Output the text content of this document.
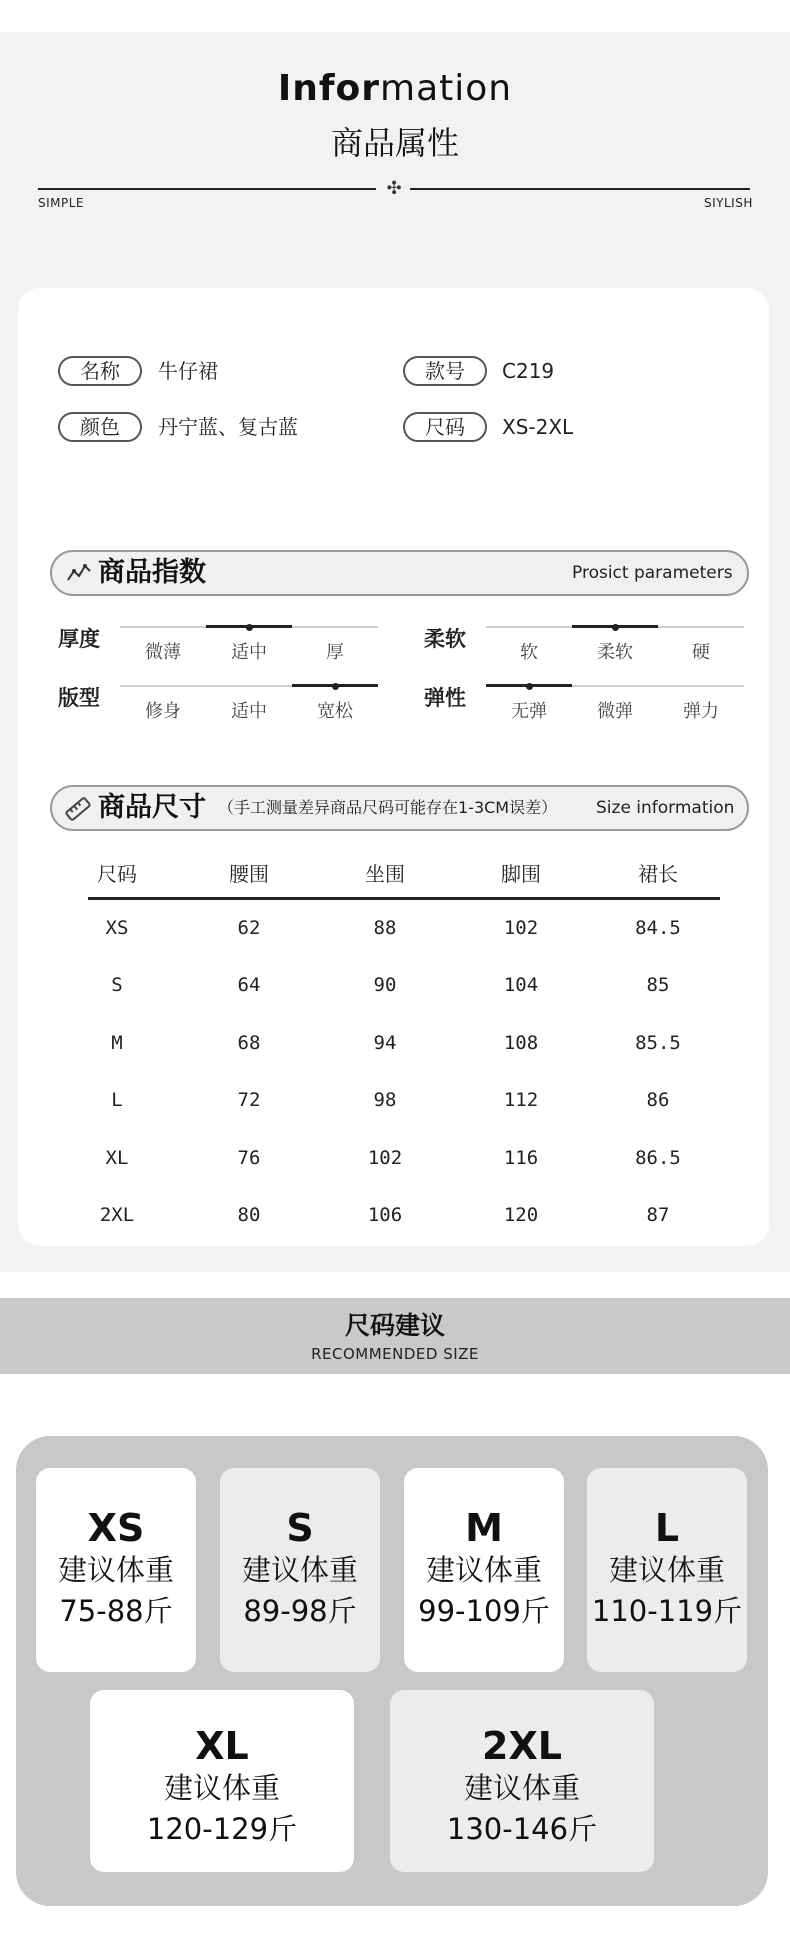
Information
商品属性
✣
SIMPLE	SIYLISH
名称	牛仔裙	款号	C219
颜色	丹宁蓝、复古蓝	尺码	XS-2XL
商品指数	Prosict parameters
厚度
微薄	适中	厚
柔软
软	柔软	硬
版型
修身	适中	宽松
弹性
无弹	微弹	弹力
商品尺寸 （手工测量差异商品尺码可能存在1-3CM误差） Size information
尺码	腰围	坐围	脚围	裙长
XS	62	88	102	84.5
S	64	90	104	85
M	68	94	108	85.5
L	72	98	112	86
XL	76	102	116	86.5
2XL	80	106	120	87
尺码建议
RECOMMENDED SIZE
XS
建议体重
75-88斤
S
建议体重
89-98斤
M
建议体重
99-109斤
L
建议体重
110-119斤
XL
建议体重
120-129斤
2XL
建议体重
130-146斤
